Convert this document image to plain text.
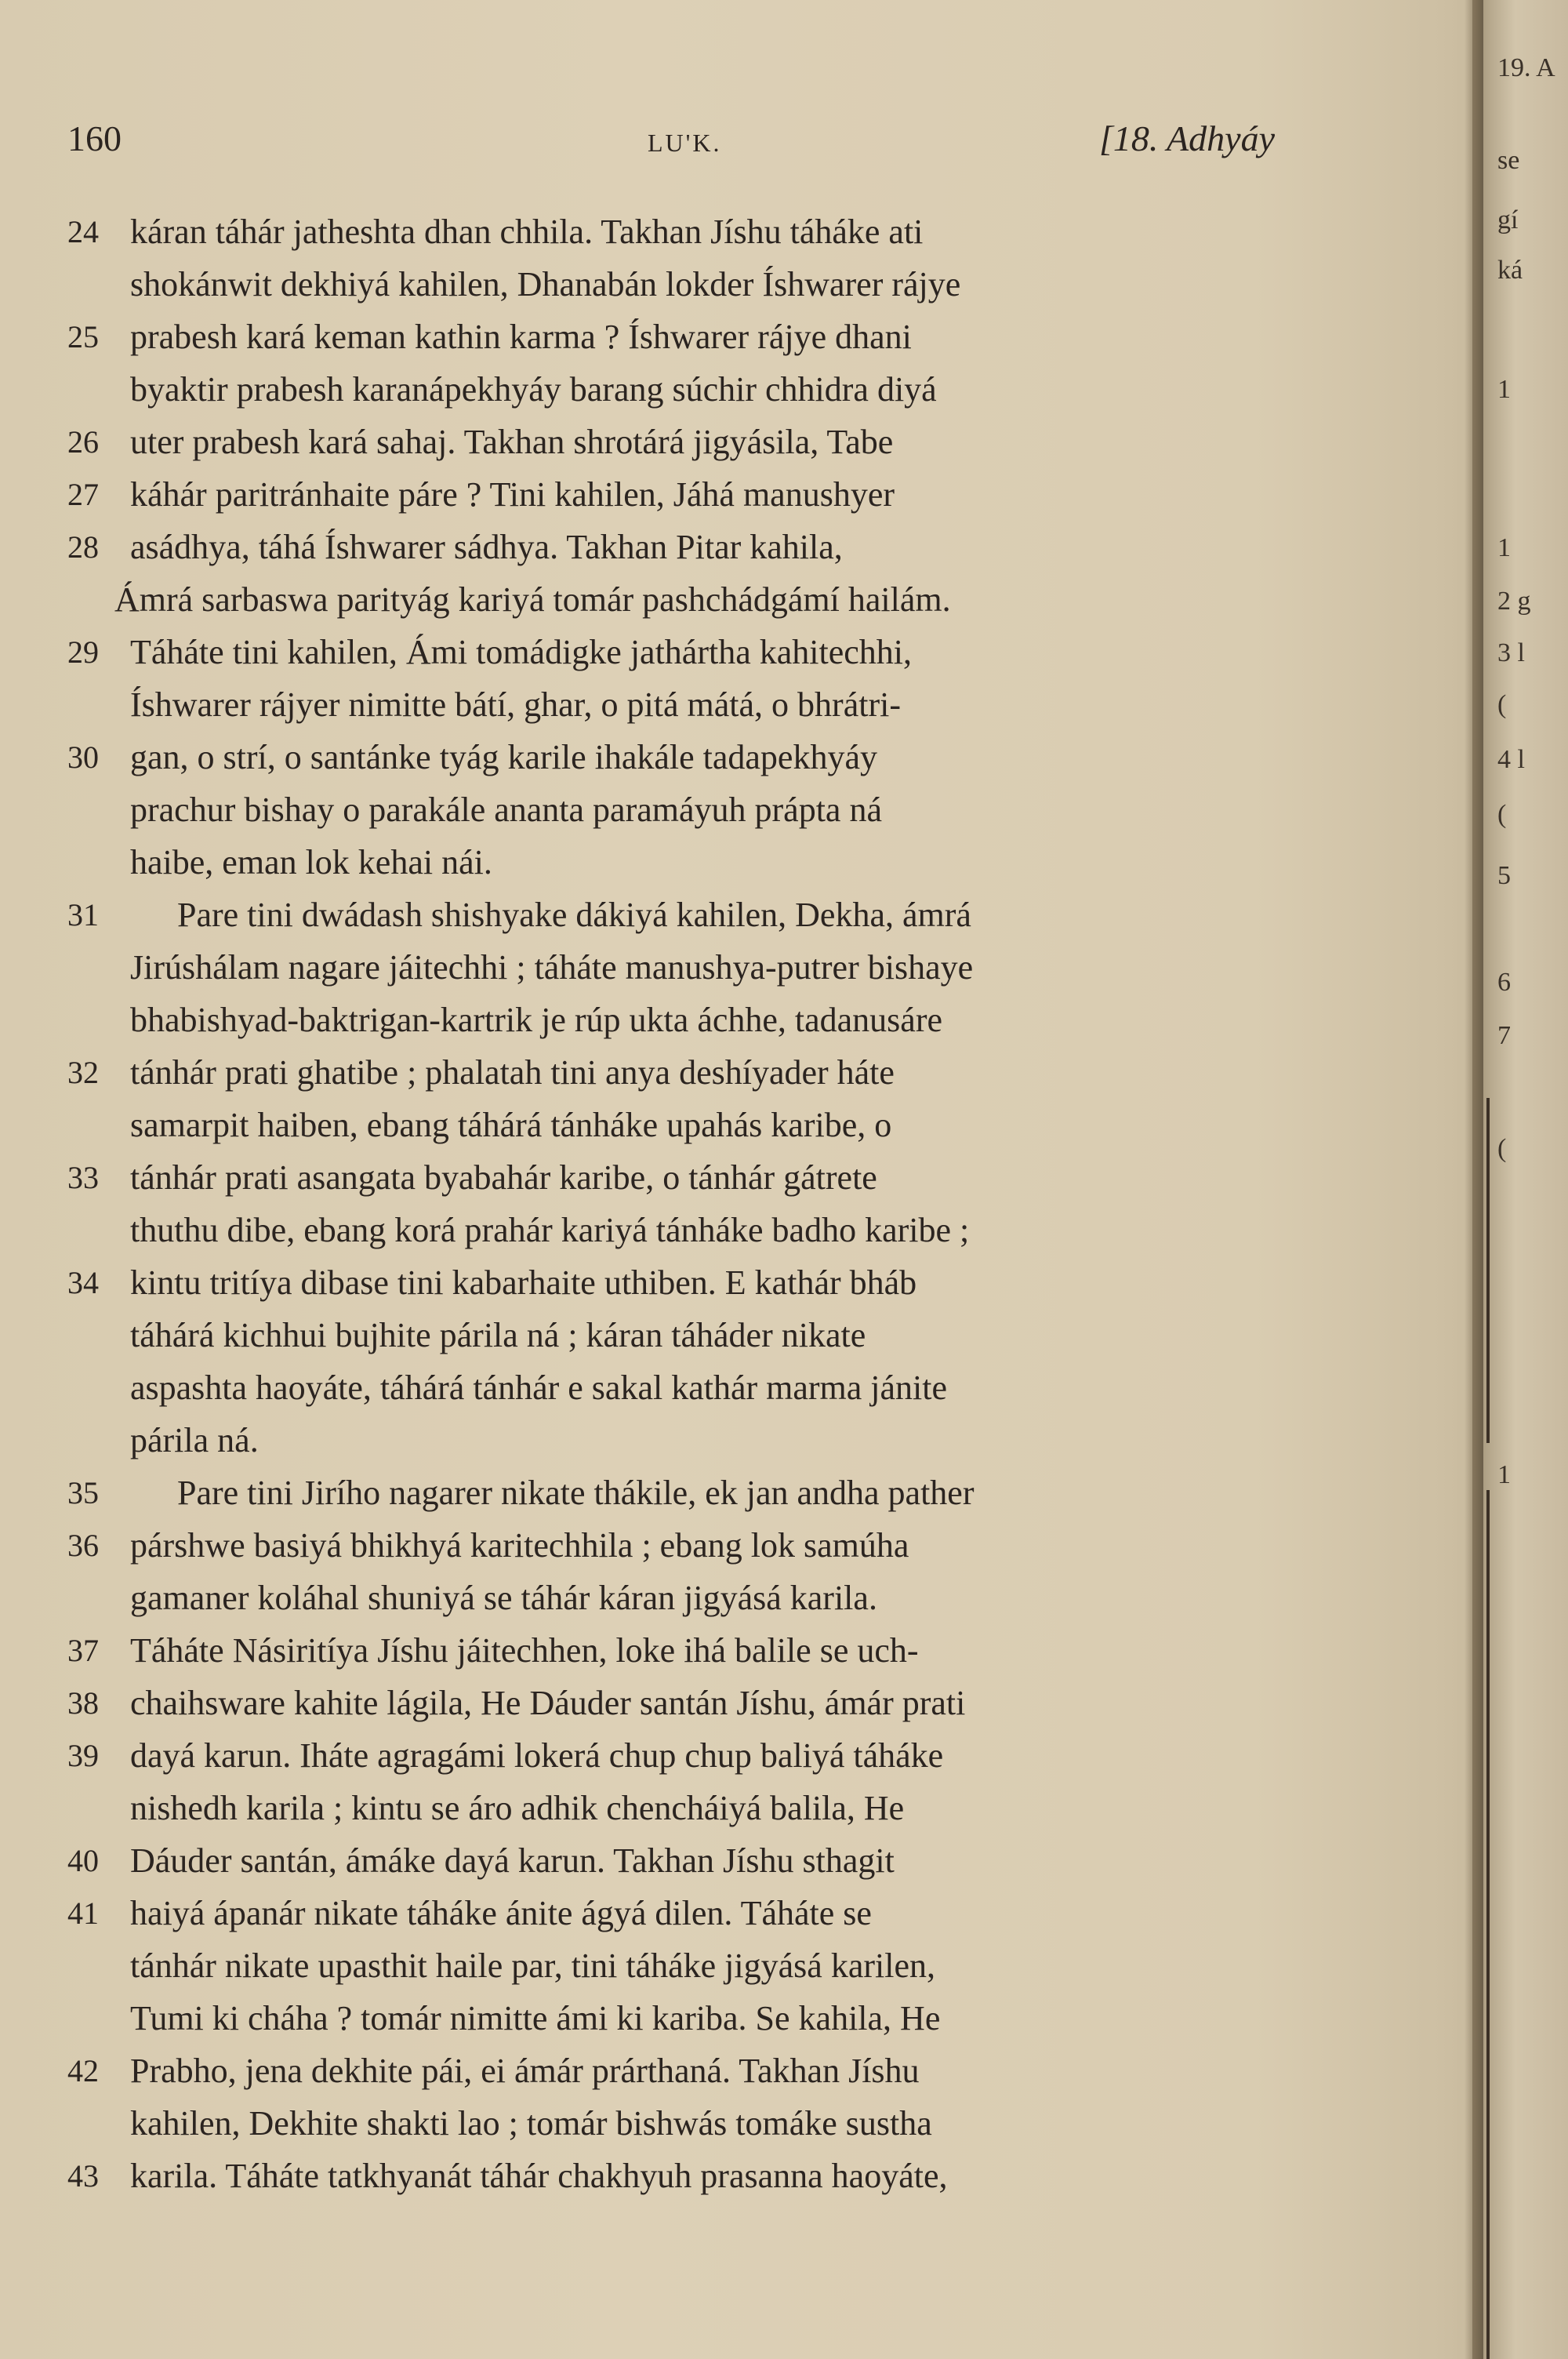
160	LU'K.	[18. Adhyáy
24 káran táhár jatheshta dhan chhila. Takhan Jíshu táháke ati
shokánwit dekhiyá kahilen, Dhanabán lokder Íshwarer rájye
25 prabesh kará keman kathin karma ? Íshwarer rájye dhani
byaktir prabesh karanápekhyáy barang súchir chhidra diyá
26 uter prabesh kará sahaj. Takhan shrotárá jigyásila, Tabe
27 káhár paritránhaite páre ? Tini kahilen, Jáhá manushyer
28 asádhya, táhá Íshwarer sádhya. Takhan Pitar kahila,
Ámrá sarbaswa parityág kariyá tomár pashchádgámí hailám.
29 Táháte tini kahilen, Ámi tomádigke jathártha kahitechhi,
Íshwarer rájyer nimitte bátí, ghar, o pitá mátá, o bhrátri-
30 gan, o strí, o santánke tyág karile ihakále tadapekhyáy
prachur bishay o parakále ananta paramáyuh prápta ná
haibe, eman lok kehai nái.
31	Pare tini dwádash shishyake dákiyá kahilen, Dekha, ámrá
Jirúshálam nagare jáitechhi ; táháte manushya-putrer bishaye
bhabishyad-baktrigan-kartrik je rúp ukta áchhe, tadanusáre
32 tánhár prati ghatibe ; phalatah tini anya deshíyader háte
samarpit haiben, ebang táhárá tánháke upahás karibe, o
33 tánhár prati asangata byabahár karibe, o tánhár gátrete
thuthu dibe, ebang korá prahár kariyá tánháke badho karibe ;
34 kintu tritíya dibase tini kabarhaite uthiben. E kathár bháb
táhárá kichhui bujhite párila ná ; káran táháder nikate
aspashta haoyáte, táhárá tánhár e sakal kathár marma jánite
párila ná.
35	Pare tini Jirího nagarer nikate thákile, ek jan andha pather
36 párshwe basiyá bhikhyá karitechhila ; ebang lok samúha
gamaner koláhal shuniyá se táhár káran jigyásá karila.
37 Táháte Násiritíya Jíshu jáitechhen, loke ihá balile se uch-
38 chaihsware kahite lágila, He Dáuder santán Jíshu, ámár prati
39 dayá karun. Iháte agragámi lokerá chup chup baliyá táháke
nishedh karila ; kintu se áro adhik chencháiyá balila, He
40 Dáuder santán, ámáke dayá karun. Takhan Jíshu sthagit
41 haiyá ápanár nikate táháke ánite ágyá dilen. Táháte se
tánhár nikate upasthit haile par, tini táháke jigyásá karilen,
Tumi ki cháha ? tomár nimitte ámi ki kariba. Se kahila, He
42 Prabho, jena dekhite pái, ei ámár prárthaná. Takhan Jíshu
kahilen, Dekhite shakti lao ; tomár bishwás tomáke sustha
43 karila. Táháte tatkhyanát táhár chakhyuh prasanna haoyáte,
19. A
se
gí
ká
1
1
2 g
3 l
(
4 l
(
5
6
7
(
1
